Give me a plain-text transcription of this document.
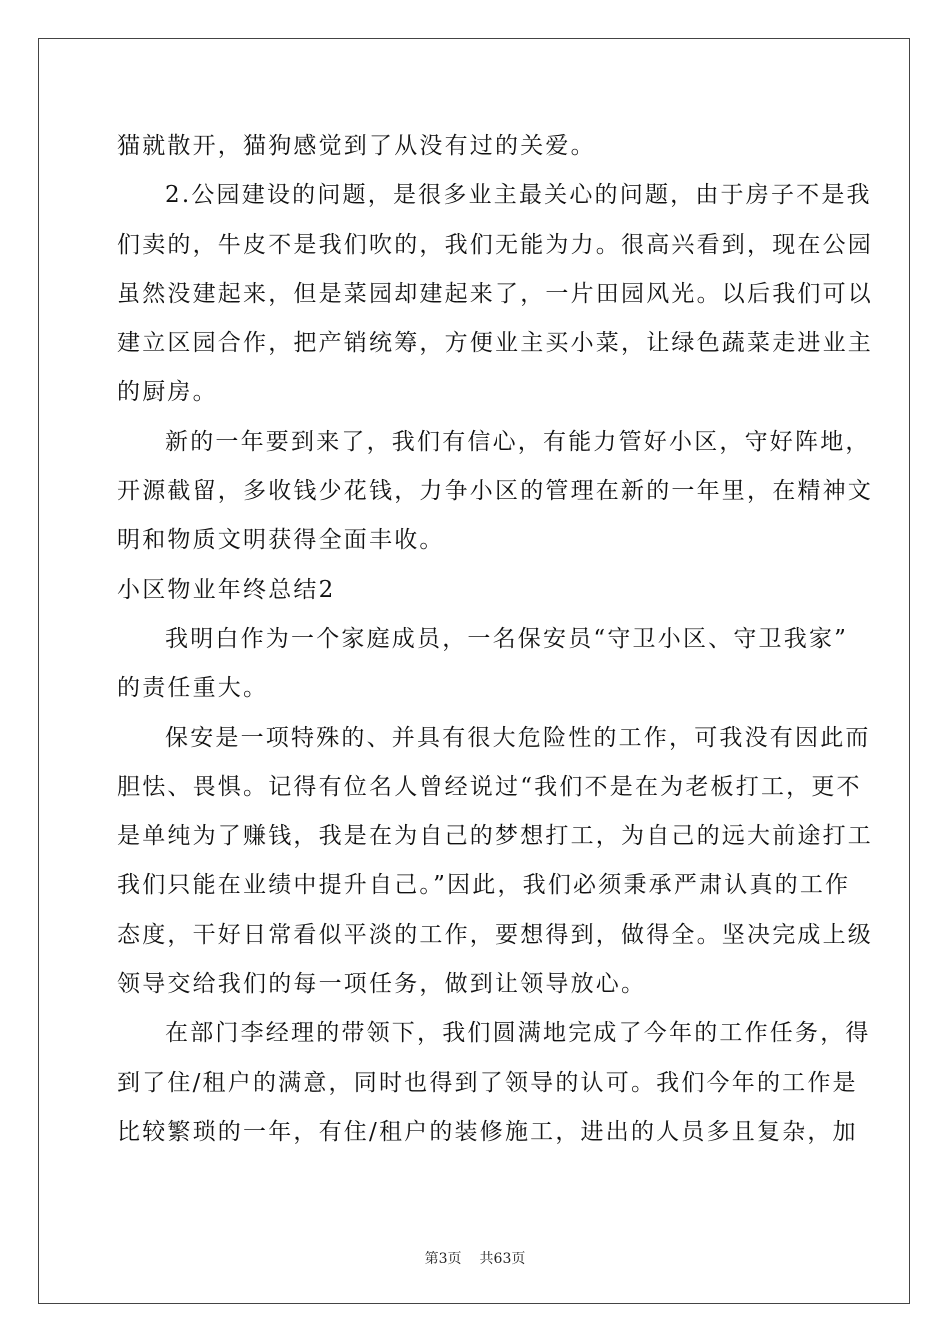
猫就散开，猫狗感觉到了从没有过的关爱。
2.公园建设的问题，是很多业主最关心的问题，由于房子不是我
们卖的，牛皮不是我们吹的，我们无能为力。很高兴看到，现在公园
虽然没建起来，但是菜园却建起来了，一片田园风光。以后我们可以
建立区园合作，把产销统筹，方便业主买小菜，让绿色蔬菜走进业主
的厨房。
新的一年要到来了，我们有信心，有能力管好小区，守好阵地，
开源截留，多收钱少花钱，力争小区的管理在新的一年里，在精神文
明和物质文明获得全面丰收。
小区物业年终总结2
我明白作为一个家庭成员，一名保安员“守卫小区、守卫我家”
的责任重大。
保安是一项特殊的、并具有很大危险性的工作，可我没有因此而
胆怯、畏惧。记得有位名人曾经说过“我们不是在为老板打工，更不
是单纯为了赚钱，我是在为自己的梦想打工，为自己的远大前途打工
我们只能在业绩中提升自己。”因此，我们必须秉承严肃认真的工作
态度，干好日常看似平淡的工作，要想得到，做得全。坚决完成上级
领导交给我们的每一项任务，做到让领导放心。
在部门李经理的带领下，我们圆满地完成了今年的工作任务，得
到了住/租户的满意，同时也得到了领导的认可。我们今年的工作是
比较繁琐的一年，有住/租户的装修施工，进出的人员多且复杂，加
第3页 共63页
